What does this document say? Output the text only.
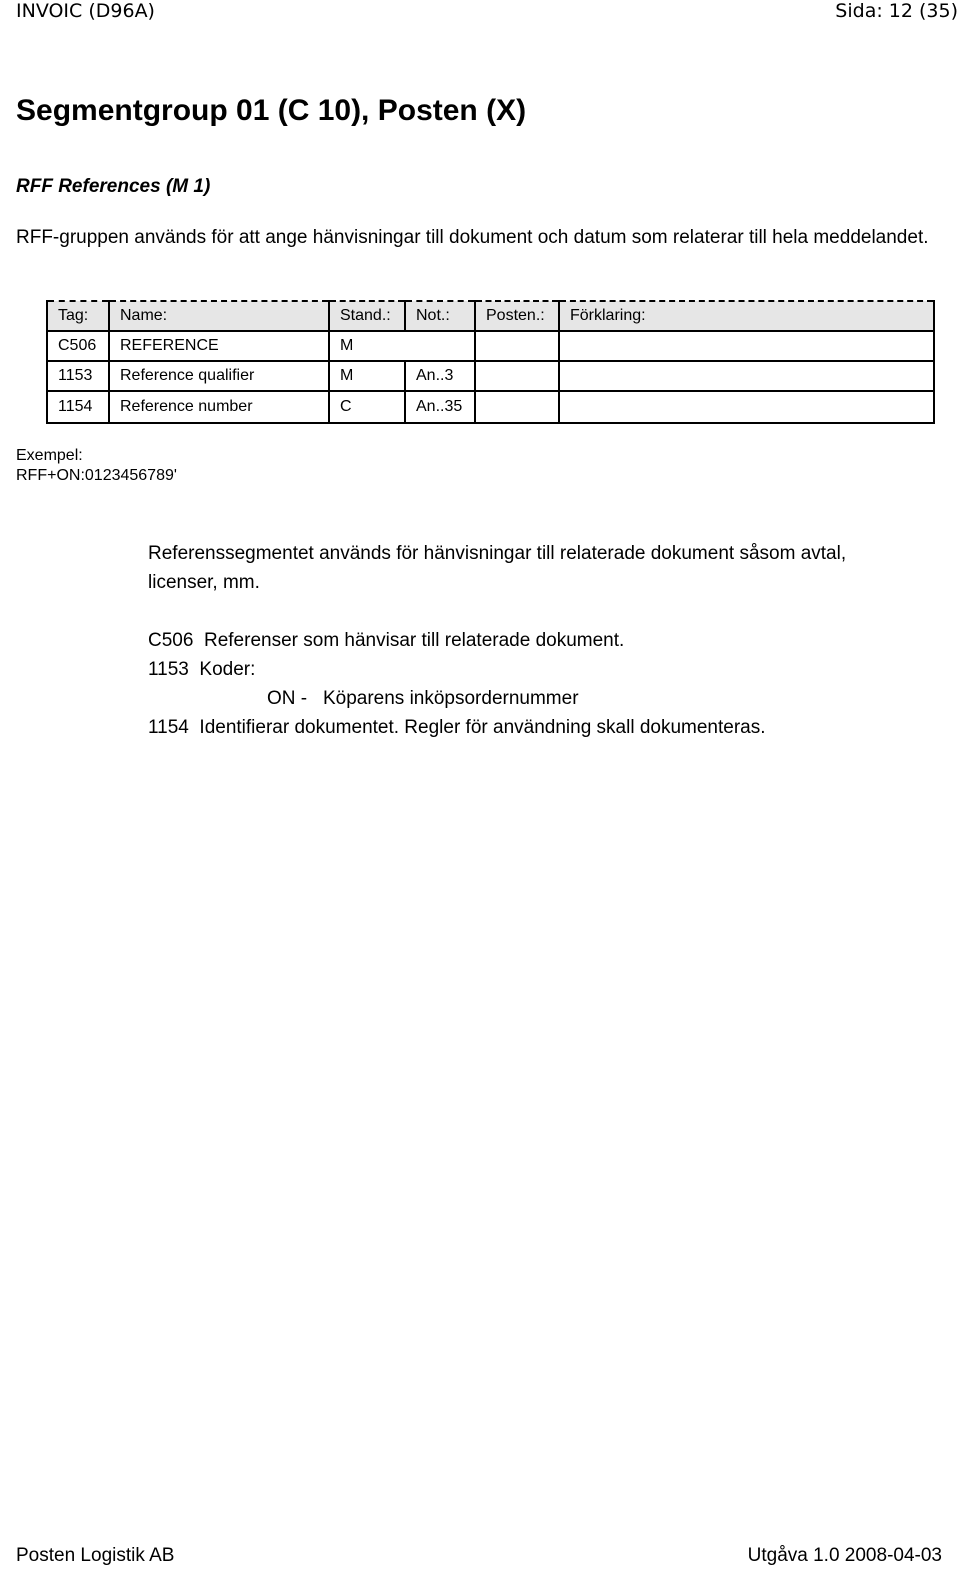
INVOIC (D96A)	Sida: 12 (35)
Segmentgroup 01 (C 10), Posten (X)
RFF References (M 1)
RFF-gruppen används för att ange hänvisningar till dokument och datum som relaterar till hela meddelandet.
Tag:	Name:	Stand.:	Not.:	Posten.:	Förklaring:
C506	REFERENCE	M			
1153	Reference qualifier	M	An..3		
1154	Reference number	C	An..35		
Exempel:
RFF+ON:0123456789'
Referenssegmentet används för hänvisningar till relaterade dokument såsom avtal,
licenser, mm.
C506 Referenser som hänvisar till relaterade dokument.
1153 Koder:
ON - Köparens inköpsordernummer
1154 Identifierar dokumentet. Regler för användning skall dokumenteras.
Posten Logistik AB	Utgåva 1.0 2008-04-03
